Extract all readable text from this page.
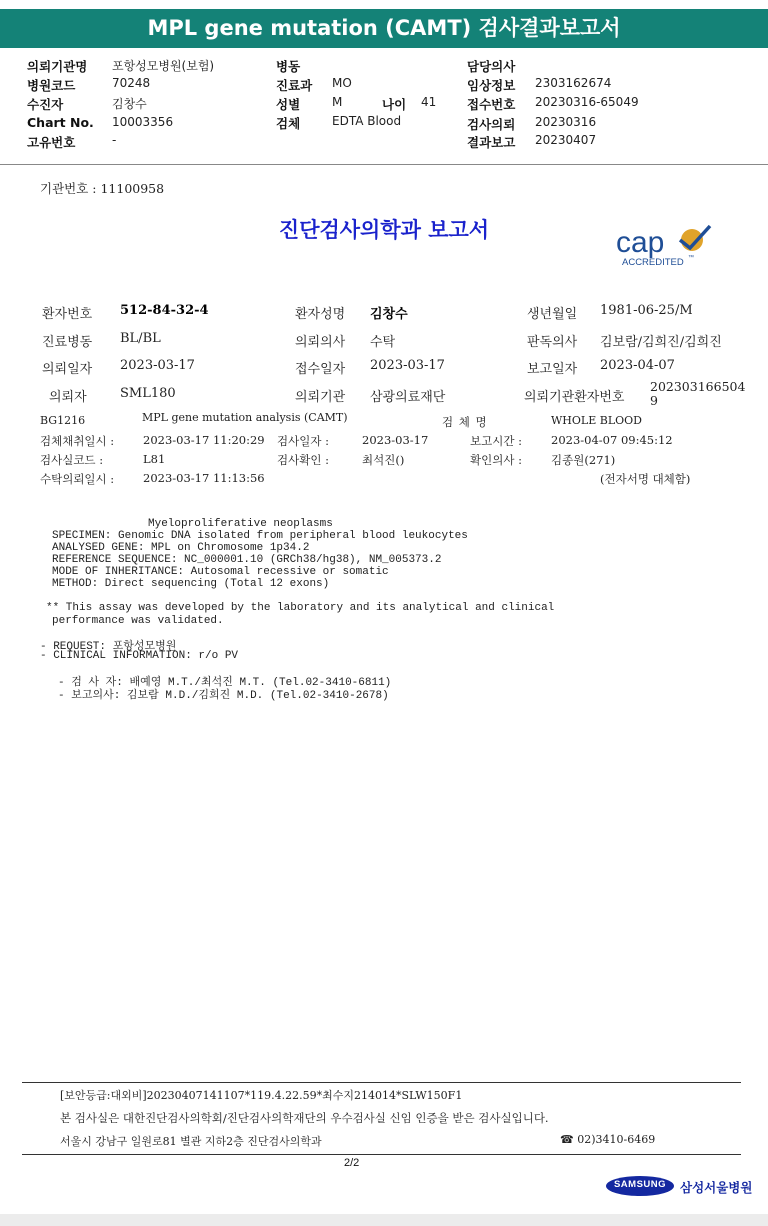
MPL gene mutation (CAMT) 검사결과보고서
의뢰기관명 포항성모병원(보험)
병원코드	70248
수진자	김창수
Chart No. 10003356
고유번호	-
병동
진료과 MO
성별	M	나이 41
검체	EDTA Blood
담당의사
임상정보 2303162674
접수번호 20230316-65049
검사의뢰 20230316
결과보고 20230407
기관번호 : 11100958
진단검사의학과 보고서	cap
ACCREDITED ™
환자번호 512-84-32-4	환자성명 김창수	생년월일 1981-06-25/M
진료병동 BL/BL	의뢰의사 수탁	판독의사 김보람/김희진/김희진
의뢰일자 2023-03-17	접수일자 2023-03-17	보고일자 2023-04-07
의뢰자	SML180	의뢰기관 삼광의료재단	의뢰기관환자번호
202303166504
9
BG1216	MPL gene mutation analysis (CAMT)	검 체 명	WHOLE BLOOD
검체채취일시 :	2023-03-17 11:20:29 검사일자 :	2023-03-17	보고시간 :	2023-04-07 09:45:12
검사실코드 :	L81	검사확인 :	최석진()	확인의사 :	김종원(271)
수탁의뢰일시 :	2023-03-17 11:13:56	(전자서명 대체함)
Myeloproliferative neoplasms
SPECIMEN: Genomic DNA isolated from peripheral blood leukocytes
ANALYSED GENE: MPL on Chromosome 1p34.2
REFERENCE SEQUENCE: NC_000001.10 (GRCh38/hg38), NM_005373.2
MODE OF INHERITANCE: Autosomal recessive or somatic
METHOD: Direct sequencing (Total 12 exons)
** This assay was developed by the laboratory and its analytical and clinical
performance was validated.
- REQUEST: 포항성모병원
- CLINICAL INFORMATION: r/o PV
- 검 사 자: 배예영 M.T./최석진 M.T. (Tel.02-3410-6811)
- 보고의사: 김보람 M.D./김희진 M.D. (Tel.02-3410-2678)
[보안등급:대외비]20230407141107*119.4.22.59*최수지214014*SLW150F1
본 검사실은 대한진단검사의학회/진단검사의학재단의 우수검사실 신임 인증을 받은 검사실입니다.
서울시 강남구 일원로81 별관 지하2층 진단검사의학과	☎ 02)3410-6469
2/2
SAMSUNG	삼성서울병원
